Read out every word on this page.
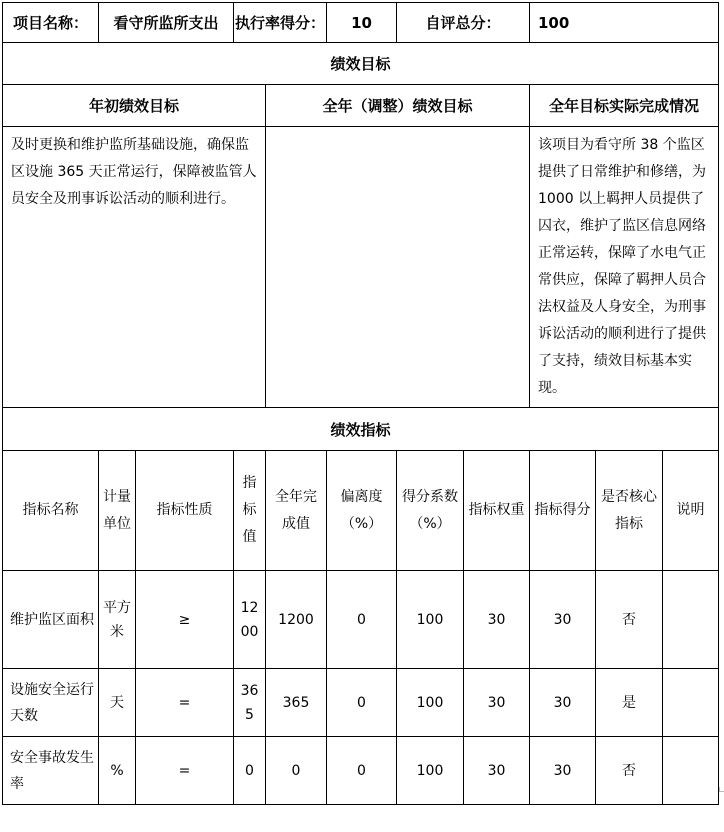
项目名称：	看守所监所支出		执行率得分：		10	自评总分：		100		
绩效目标										
年初绩效目标				全年（调整）绩效目标				全年目标实际完成情况		
及时更换和维护监所基础设施，确保监区设施 365 天正常运行，保障被监管人员安全及刑事诉讼活动的顺利进行。								该项目为看守所 38 个监区提供了日常维护和修缮，为 1000 以上羁押人员提供了囚衣，维护了监区信息网络正常运转，保障了水电气正常供应，保障了羁押人员合法权益及人身安全，为刑事诉讼活动的顺利进行了提供了支持，绩效目标基本实现。		
绩效指标										
指标名称	计量单位	指标性质	指标值	全年完成值	偏离度（%）	得分系数（%）	指标权重	指标得分	是否核心指标	说明
维护监区面积	平方米	≥	1200	1200	0	100	30	30	否	
设施安全运行天数	天	=	365	365	0	100	30	30	是	
安全事故发生率	%	=	0	0	0	100	30	30	否	
